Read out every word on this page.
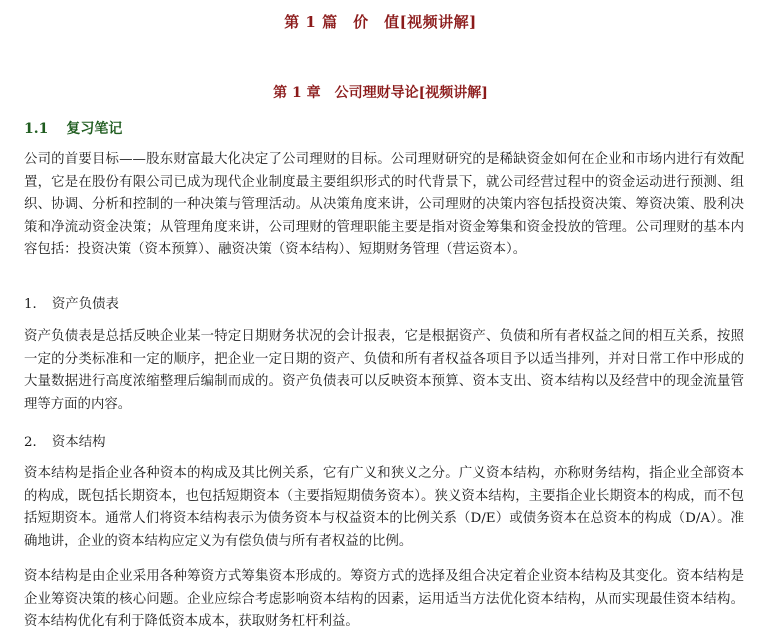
第 1 篇　价　值[视频讲解]
第 1 章　公司理财导论[视频讲解]
1.1 复习笔记
公司的首要目标——股东财富最大化决定了公司理财的目标。公司理财研究的是稀缺资金如何在企业和市场内进行有效配置，它是在股份有限公司已成为现代企业制度最主要组织形式的时代背景下，就公司经营过程中的资金运动进行预测、组织、协调、分析和控制的一种决策与管理活动。从决策角度来讲，公司理财的决策内容包括投资决策、筹资决策、股利决策和净流动资金决策；从管理角度来讲，公司理财的管理职能主要是指对资金筹集和资金投放的管理。公司理财的基本内容包括：投资决策（资本预算）、融资决策（资本结构）、短期财务管理（营运资本）。
1． 资产负债表
资产负债表是总括反映企业某一特定日期财务状况的会计报表，它是根据资产、负债和所有者权益之间的相互关系，按照一定的分类标准和一定的顺序，把企业一定日期的资产、负债和所有者权益各项目予以适当排列，并对日常工作中形成的大量数据进行高度浓缩整理后编制而成的。资产负债表可以反映资本预算、资本支出、资本结构以及经营中的现金流量管理等方面的内容。
2． 资本结构
资本结构是指企业各种资本的构成及其比例关系，它有广义和狭义之分。广义资本结构，亦称财务结构，指企业全部资本的构成，既包括长期资本，也包括短期资本（主要指短期债务资本）。狭义资本结构，主要指企业长期资本的构成，而不包括短期资本。通常人们将资本结构表示为债务资本与权益资本的比例关系（D/E）或债务资本在总资本的构成（D/A）。准确地讲，企业的资本结构应定义为有偿负债与所有者权益的比例。
资本结构是由企业采用各种筹资方式筹集资本形成的。筹资方式的选择及组合决定着企业资本结构及其变化。资本结构是企业筹资决策的核心问题。企业应综合考虑影响资本结构的因素，运用适当方法优化资本结构，从而实现最佳资本结构。资本结构优化有利于降低资本成本，获取财务杠杆利益。
